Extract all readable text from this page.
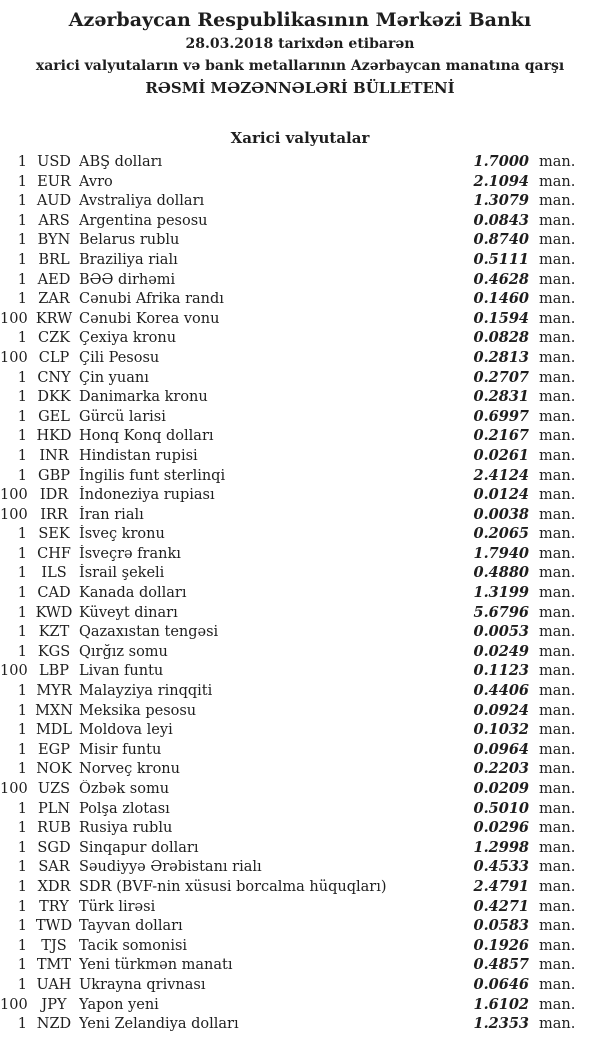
Azərbaycan Respublikasının Mərkəzi Bankı
28.03.2018 tarixdən etibarən
xarici valyutaların və bank metallarının Azərbaycan manatına qarşı
RƏSMİ MƏZƏNNƏLƏRİ BÜLLETENİ
Xarici valyutalar
1 USD ABŞ dolları	1.7000 man.
1 EUR Avro	2.1094 man.
1 AUD Avstraliya dolları	1.3079 man.
1 ARS Argentina pesosu	0.0843 man.
1 BYN Belarus rublu	0.8740 man.
1 BRL Braziliya rialı	0.5111 man.
1 AED BƏƏ dirhəmi	0.4628 man.
1 ZAR Cənubi Afrika randı	0.1460 man.
100 KRW Cənubi Korea vonu	0.1594 man.
1 CZK Çexiya kronu	0.0828 man.
100 CLP Çili Pesosu	0.2813 man.
1 CNY Çin yuanı	0.2707 man.
1 DKK Danimarka kronu	0.2831 man.
1 GEL Gürcü larisi	0.6997 man.
1 HKD Honq Konq dolları	0.2167 man.
1 INR Hindistan rupisi	0.0261 man.
1 GBP İngilis funt sterlinqi	2.4124 man.
100 IDR İndoneziya rupiası	0.0124 man.
100 IRR İran rialı	0.0038 man.
1 SEK İsveç kronu	0.2065 man.
1 CHF İsveçrə frankı	1.7940 man.
1 ILS İsrail şekeli	0.4880 man.
1 CAD Kanada dolları	1.3199 man.
1 KWD Küveyt dinarı	5.6796 man.
1 KZT Qazaxıstan tengəsi	0.0053 man.
1 KGS Qırğız somu	0.0249 man.
100 LBP Livan funtu	0.1123 man.
1 MYR Malayziya rinqqiti	0.4406 man.
1 MXN Meksika pesosu	0.0924 man.
1 MDL Moldova leyi	0.1032 man.
1 EGP Misir funtu	0.0964 man.
1 NOK Norveç kronu	0.2203 man.
100 UZS Özbək somu	0.0209 man.
1 PLN Polşa zlotası	0.5010 man.
1 RUB Rusiya rublu	0.0296 man.
1 SGD Sinqapur dolları	1.2998 man.
1 SAR Səudiyyə Ərəbistanı rialı	0.4533 man.
1 XDR SDR (BVF-nin xüsusi borcalma hüquqları)	2.4791 man.
1 TRY Türk lirəsi	0.4271 man.
1 TWD Tayvan dolları	0.0583 man.
1 TJS Tacik somonisi	0.1926 man.
1 TMT Yeni türkmən manatı	0.4857 man.
1 UAH Ukrayna qrivnası	0.0646 man.
100 JPY Yapon yeni	1.6102 man.
1 NZD Yeni Zelandiya dolları	1.2353 man.
